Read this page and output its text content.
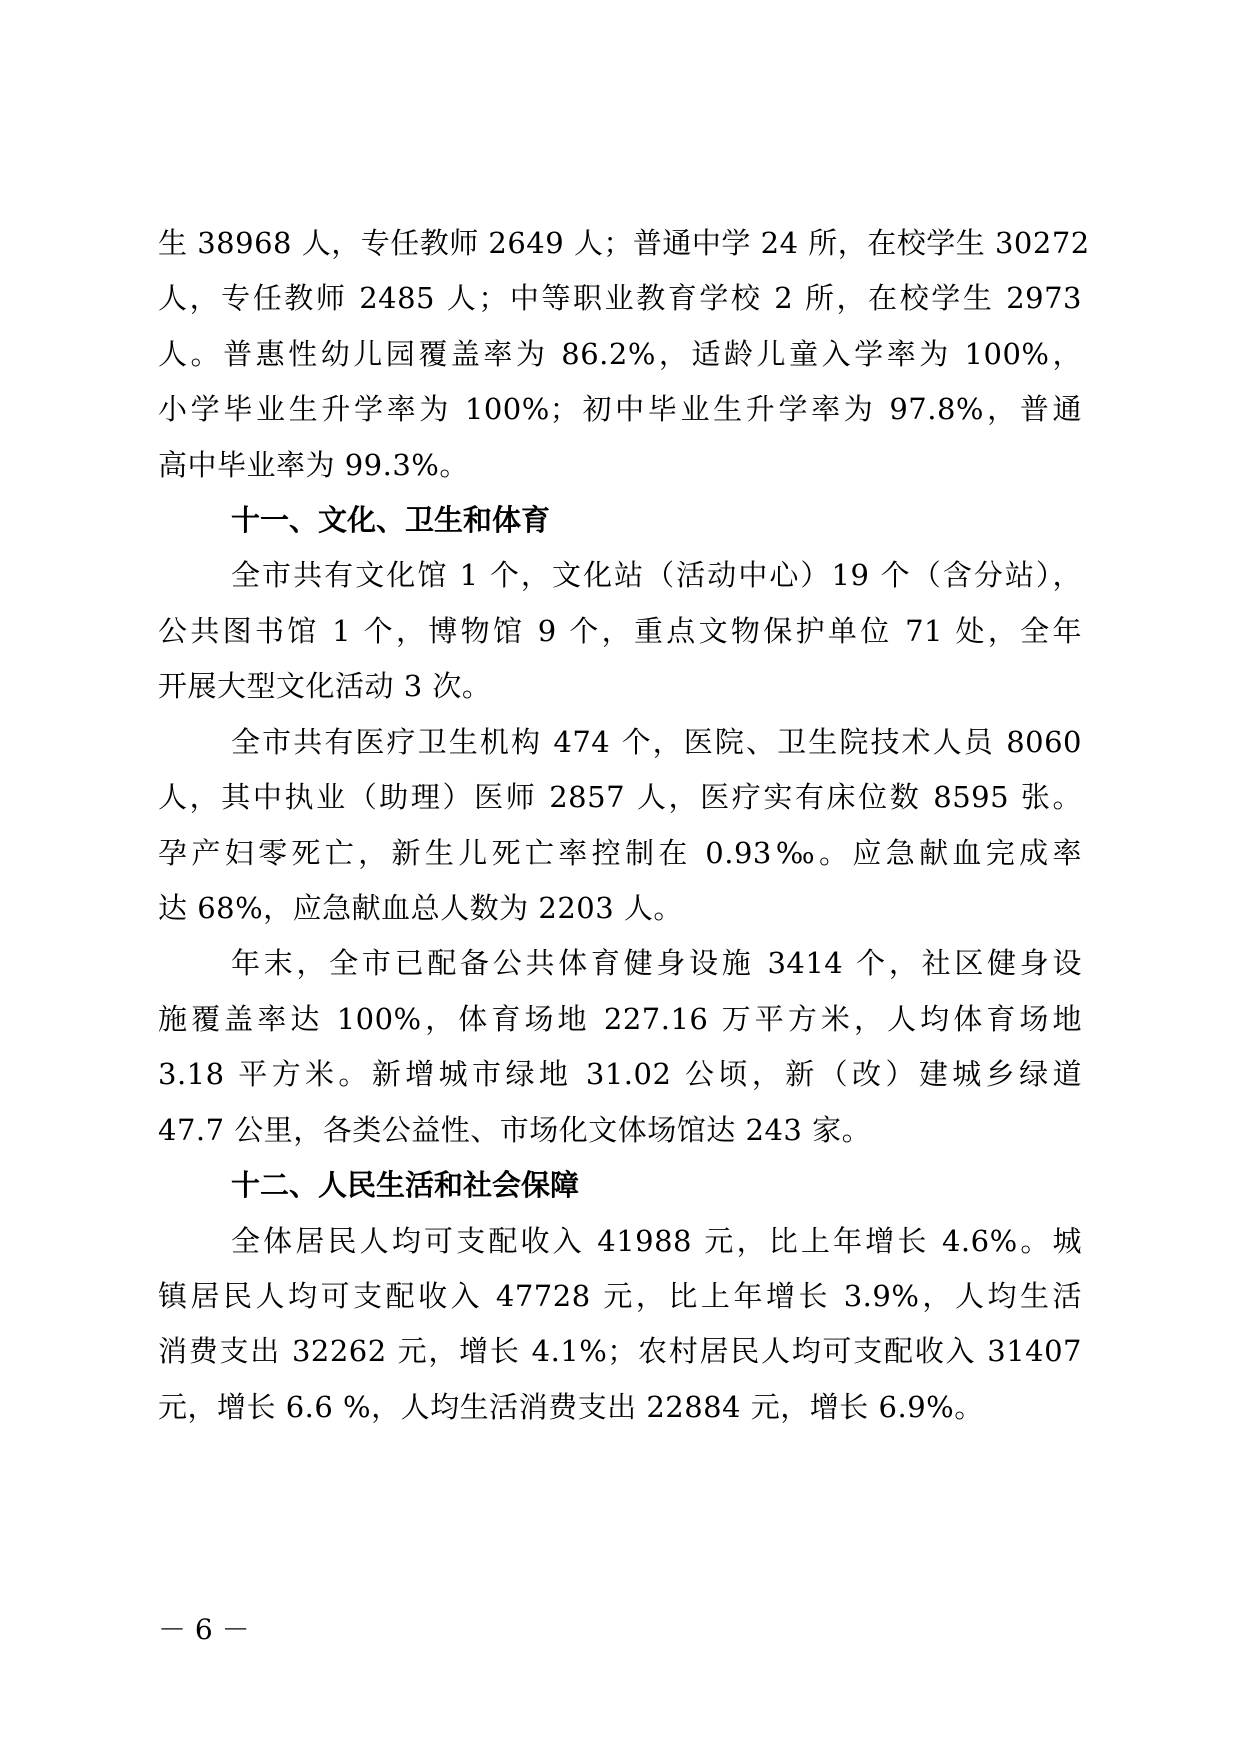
生 38968 人，专任教师 2649 人；普通中学 24 所，在校学生 30272
人，专任教师 2485 人；中等职业教育学校 2 所，在校学生 2973
人。普惠性幼儿园覆盖率为 86.2%，适龄儿童入学率为 100%，
小学毕业生升学率为 100%；初中毕业生升学率为 97.8%，普通
高中毕业率为 99.3%。
十一、文化、卫生和体育
全市共有文化馆 1 个，文化站（活动中心）19 个（含分站），
公共图书馆 1 个，博物馆 9 个，重点文物保护单位 71 处，全年
开展大型文化活动 3 次。
全市共有医疗卫生机构 474 个，医院、卫生院技术人员 8060
人，其中执业（助理）医师 2857 人，医疗实有床位数 8595 张。
孕产妇零死亡，新生儿死亡率控制在 0.93‰。应急献血完成率
达 68%，应急献血总人数为 2203 人。
年末，全市已配备公共体育健身设施 3414 个，社区健身设
施覆盖率达 100%，体育场地 227.16 万平方米，人均体育场地
3.18 平方米。新增城市绿地 31.02 公顷，新（改）建城乡绿道
47.7 公里，各类公益性、市场化文体场馆达 243 家。
十二、人民生活和社会保障
全体居民人均可支配收入 41988 元，比上年增长 4.6%。城
镇居民人均可支配收入 47728 元，比上年增长 3.9%，人均生活
消费支出 32262 元，增长 4.1%；农村居民人均可支配收入 31407
元，增长 6.6 %，人均生活消费支出 22884 元，增长 6.9%。
－ 6 －
